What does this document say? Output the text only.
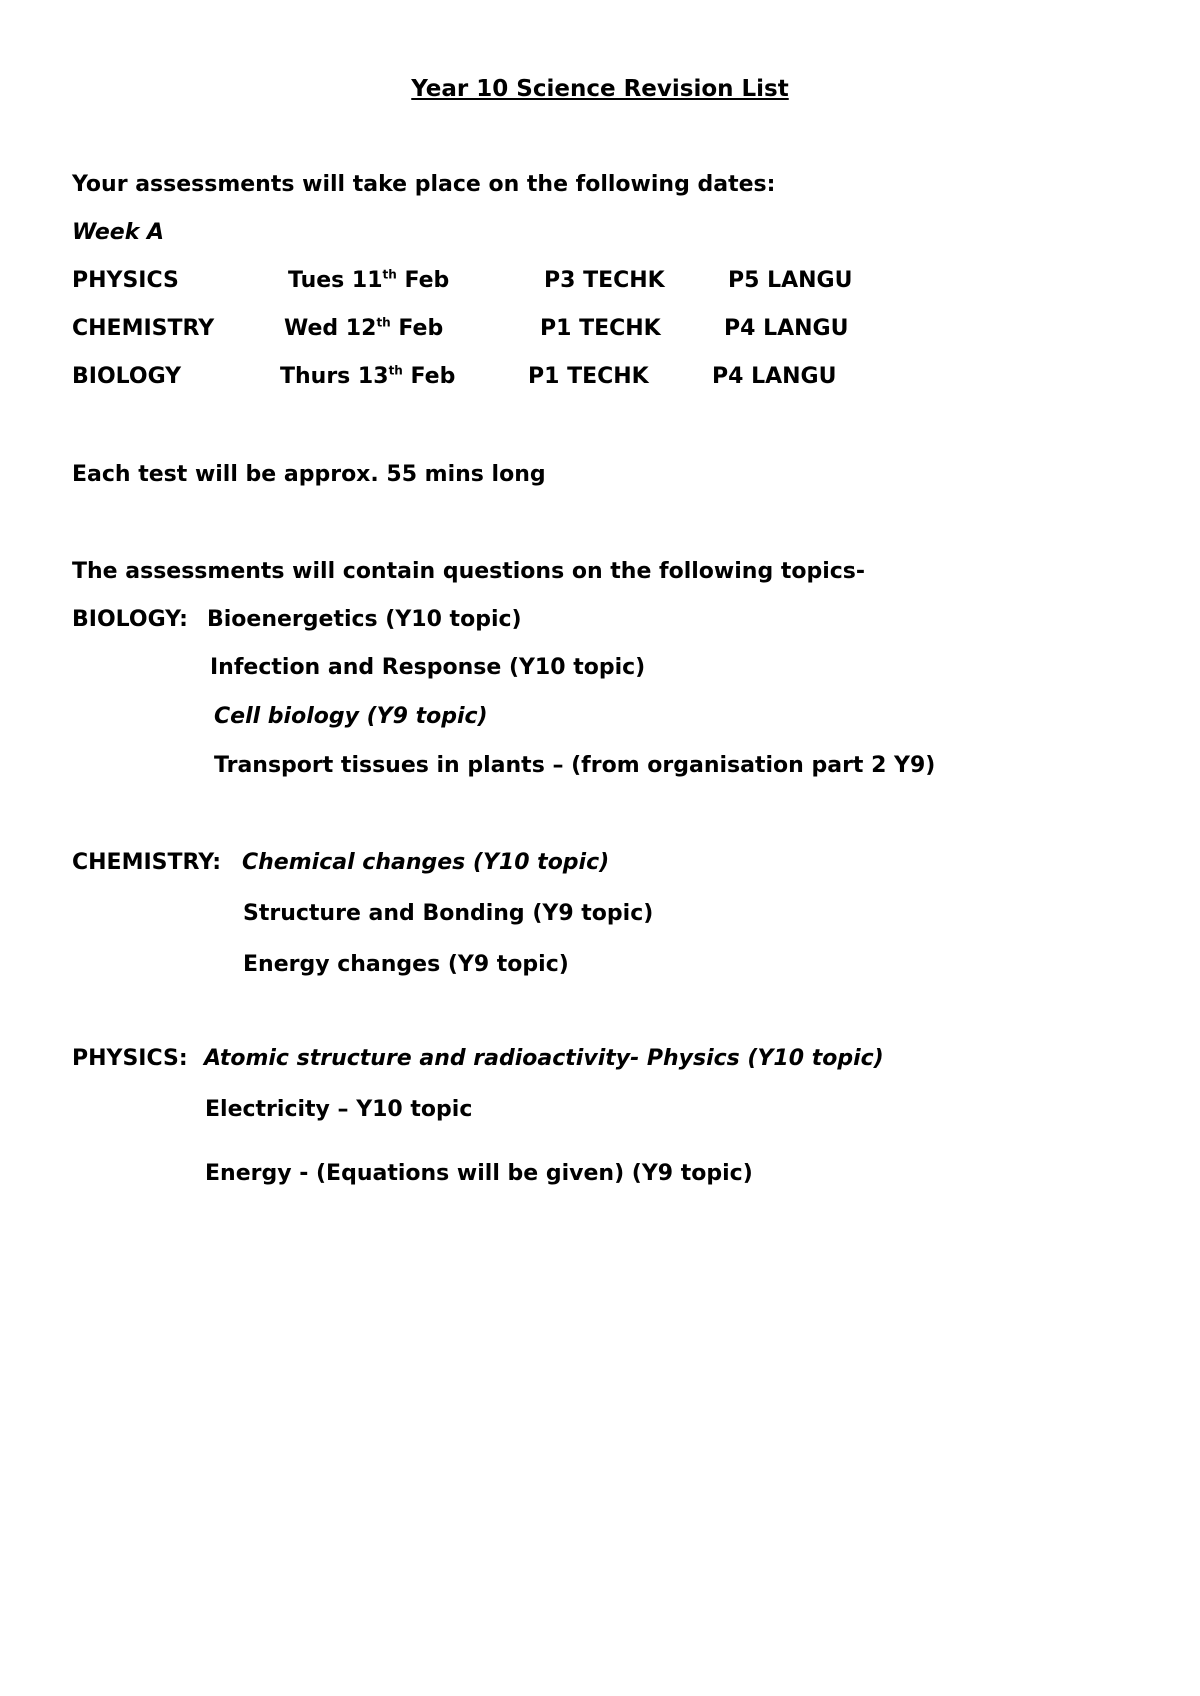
Year 10 Science Revision List
Your assessments will take place on the following dates:
Week A
PHYSICS	Tues 11th Feb	P3 TECHK	P5 LANGU
CHEMISTRY	Wed 12th Feb	P1 TECHK	P4 LANGU
BIOLOGY	Thurs 13th Feb	P1 TECHK	P4 LANGU
Each test will be approx. 55 mins long
The assessments will contain questions on the following topics-
BIOLOGY: Bioenergetics (Y10 topic)
Infection and Response (Y10 topic)
Cell biology (Y9 topic)
Transport tissues in plants – (from organisation part 2 Y9)
CHEMISTRY: Chemical changes (Y10 topic)
Structure and Bonding (Y9 topic)
Energy changes (Y9 topic)
PHYSICS: Atomic structure and radioactivity- Physics (Y10 topic)
Electricity – Y10 topic
Energy - (Equations will be given) (Y9 topic)
